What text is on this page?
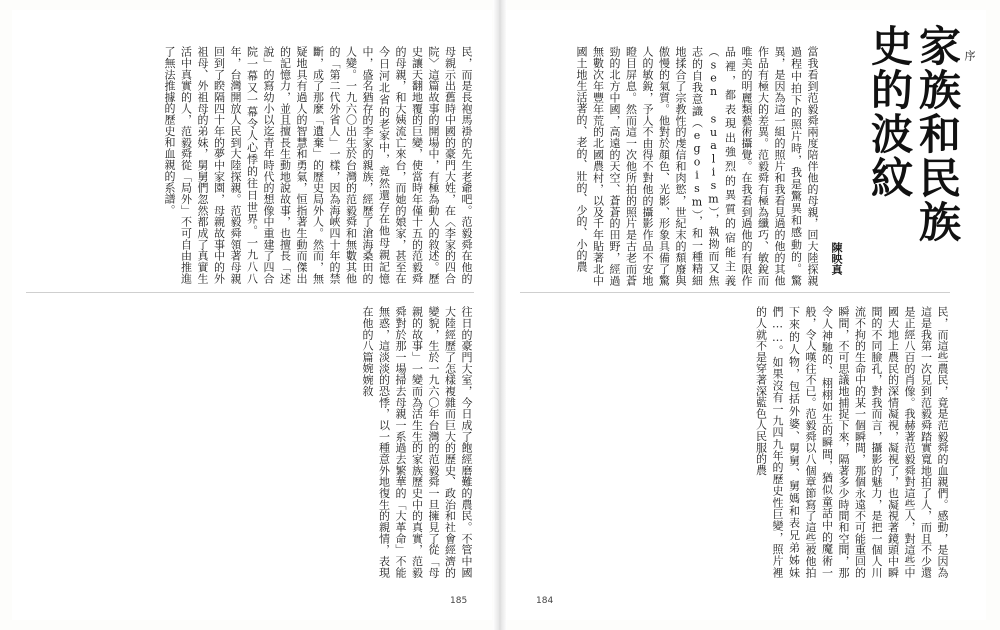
民，而是長袍馬褂的先生老爺吧。范毅舜在他的母親示出舊時中國的豪門大姓，在〈李家的四合院〉這篇故事的開場中，有極為動人的敘述。歷史讓天翻地覆的巨變，使當時年僅十五的范毅舜的母親，和大姨流亡來台，而她的娘家，甚至在今日河北省的老家中，竟然還存在他母親記憶中，盛名猶存的李家的親族，經歷了滄海桑田的人變。一九六〇出生於台灣的范毅舜和無數其他的「第二代外省人」一樣，因為海峽四十年的禁斷，成了那麼「遺棄」的歷史局外人。然而，無疑地具有過人的智慧和勇氣，恒指著生動而傑出的記憶力，並且擅長生動地說故事，也擅長「述說」的寫幼小以迄青年時代的想像中重建了四合院一幕又一幕令人心悸的往日世界。一九八八年，台灣開放人民到大陸探親。范毅舜領著母親回到了睽隔四十年的夢中家園，母親故事中的外祖母、外祖母的弟妹，舅舅們忽然都成了真實生活中真實的人，范毅舜從「局外」不可自由推進了無法推據的歷史和血親的系譜。
往日的豪門大室，今日成了飽經磨難的農民。不管中國大陸經歷了怎樣複雜而巨大的歷史、政治和社會經濟的變貌，生於一九六〇年台灣的范毅舜一旦擁見了從「母親的故事」一變而為活生生的家族歷史中的真實，范毅舜對於那一場掃去母親一系過去繁華的「大革命」不能無惑，這淡淡的恐悸，以一種意外地復生的親情，表現在他的八篇婉婉敘
185
序
家族和民族史的波紋
陳映真
當我看到范毅舜兩度陪伴他的母親，回大陸探親過程中拍下的照片時，我是驚異和感動的。驚異，是因為這一組的照片和我看見過的他的其他作品有極大的差異。范毅舜有極為纖巧、敏銳而唯美的明麗類藝術攝覺。在我看到過他的有限作品裡，都表現出強烈的異質的宿能主義（sen sualism），執拗而又焦志的自我意識（egoism），和一種精細地揉合了宗教性的虔信和肉慾，世紀末的頹廢與傲慢的氣質。他對於顏色、光影、形象具備了驚人的敏銳，予人不由得不對他的攝影作品不安地瞪目屏息。然而這一次他所拍的照片是古老而蒼勁的北方中國，高遠的天空、蒼蒼的田野，經過無數次年豐年荒的北國農村，以及千年貼著北中國土地生活著的、老的、壯的、少的、小的農
民，而這些農民，竟是范毅舜的血親們。感動，是因為這是我第一次見到范毅舜踏實寬地拍了人，而且不少還是正經八百的肖像。我赫著范毅舜對這些人，對這些中國大地上農民的深情凝視，凝視了，也凝視著鏡頭中瞬間的不同臉孔，對我而言，攝影的魅力，是把一個人川流不拘的生命中的某一個瞬間，那個永遠不可能重回的瞬間，不可思議地捕捉下來，隔著多少時間和空間，那令人神馳的、栩栩如生的瞬間，猶似童話中的魔術一般，令人嘆往不已。范毅舜以八個章節寫了這些被他拍下來的人物，包括外婆、舅舅、舅媽和表兄弟姊妹們……。如果沒有一九四九年的歷史性巨變，照片裡的人就不是穿著深藍色人民服的農
184
